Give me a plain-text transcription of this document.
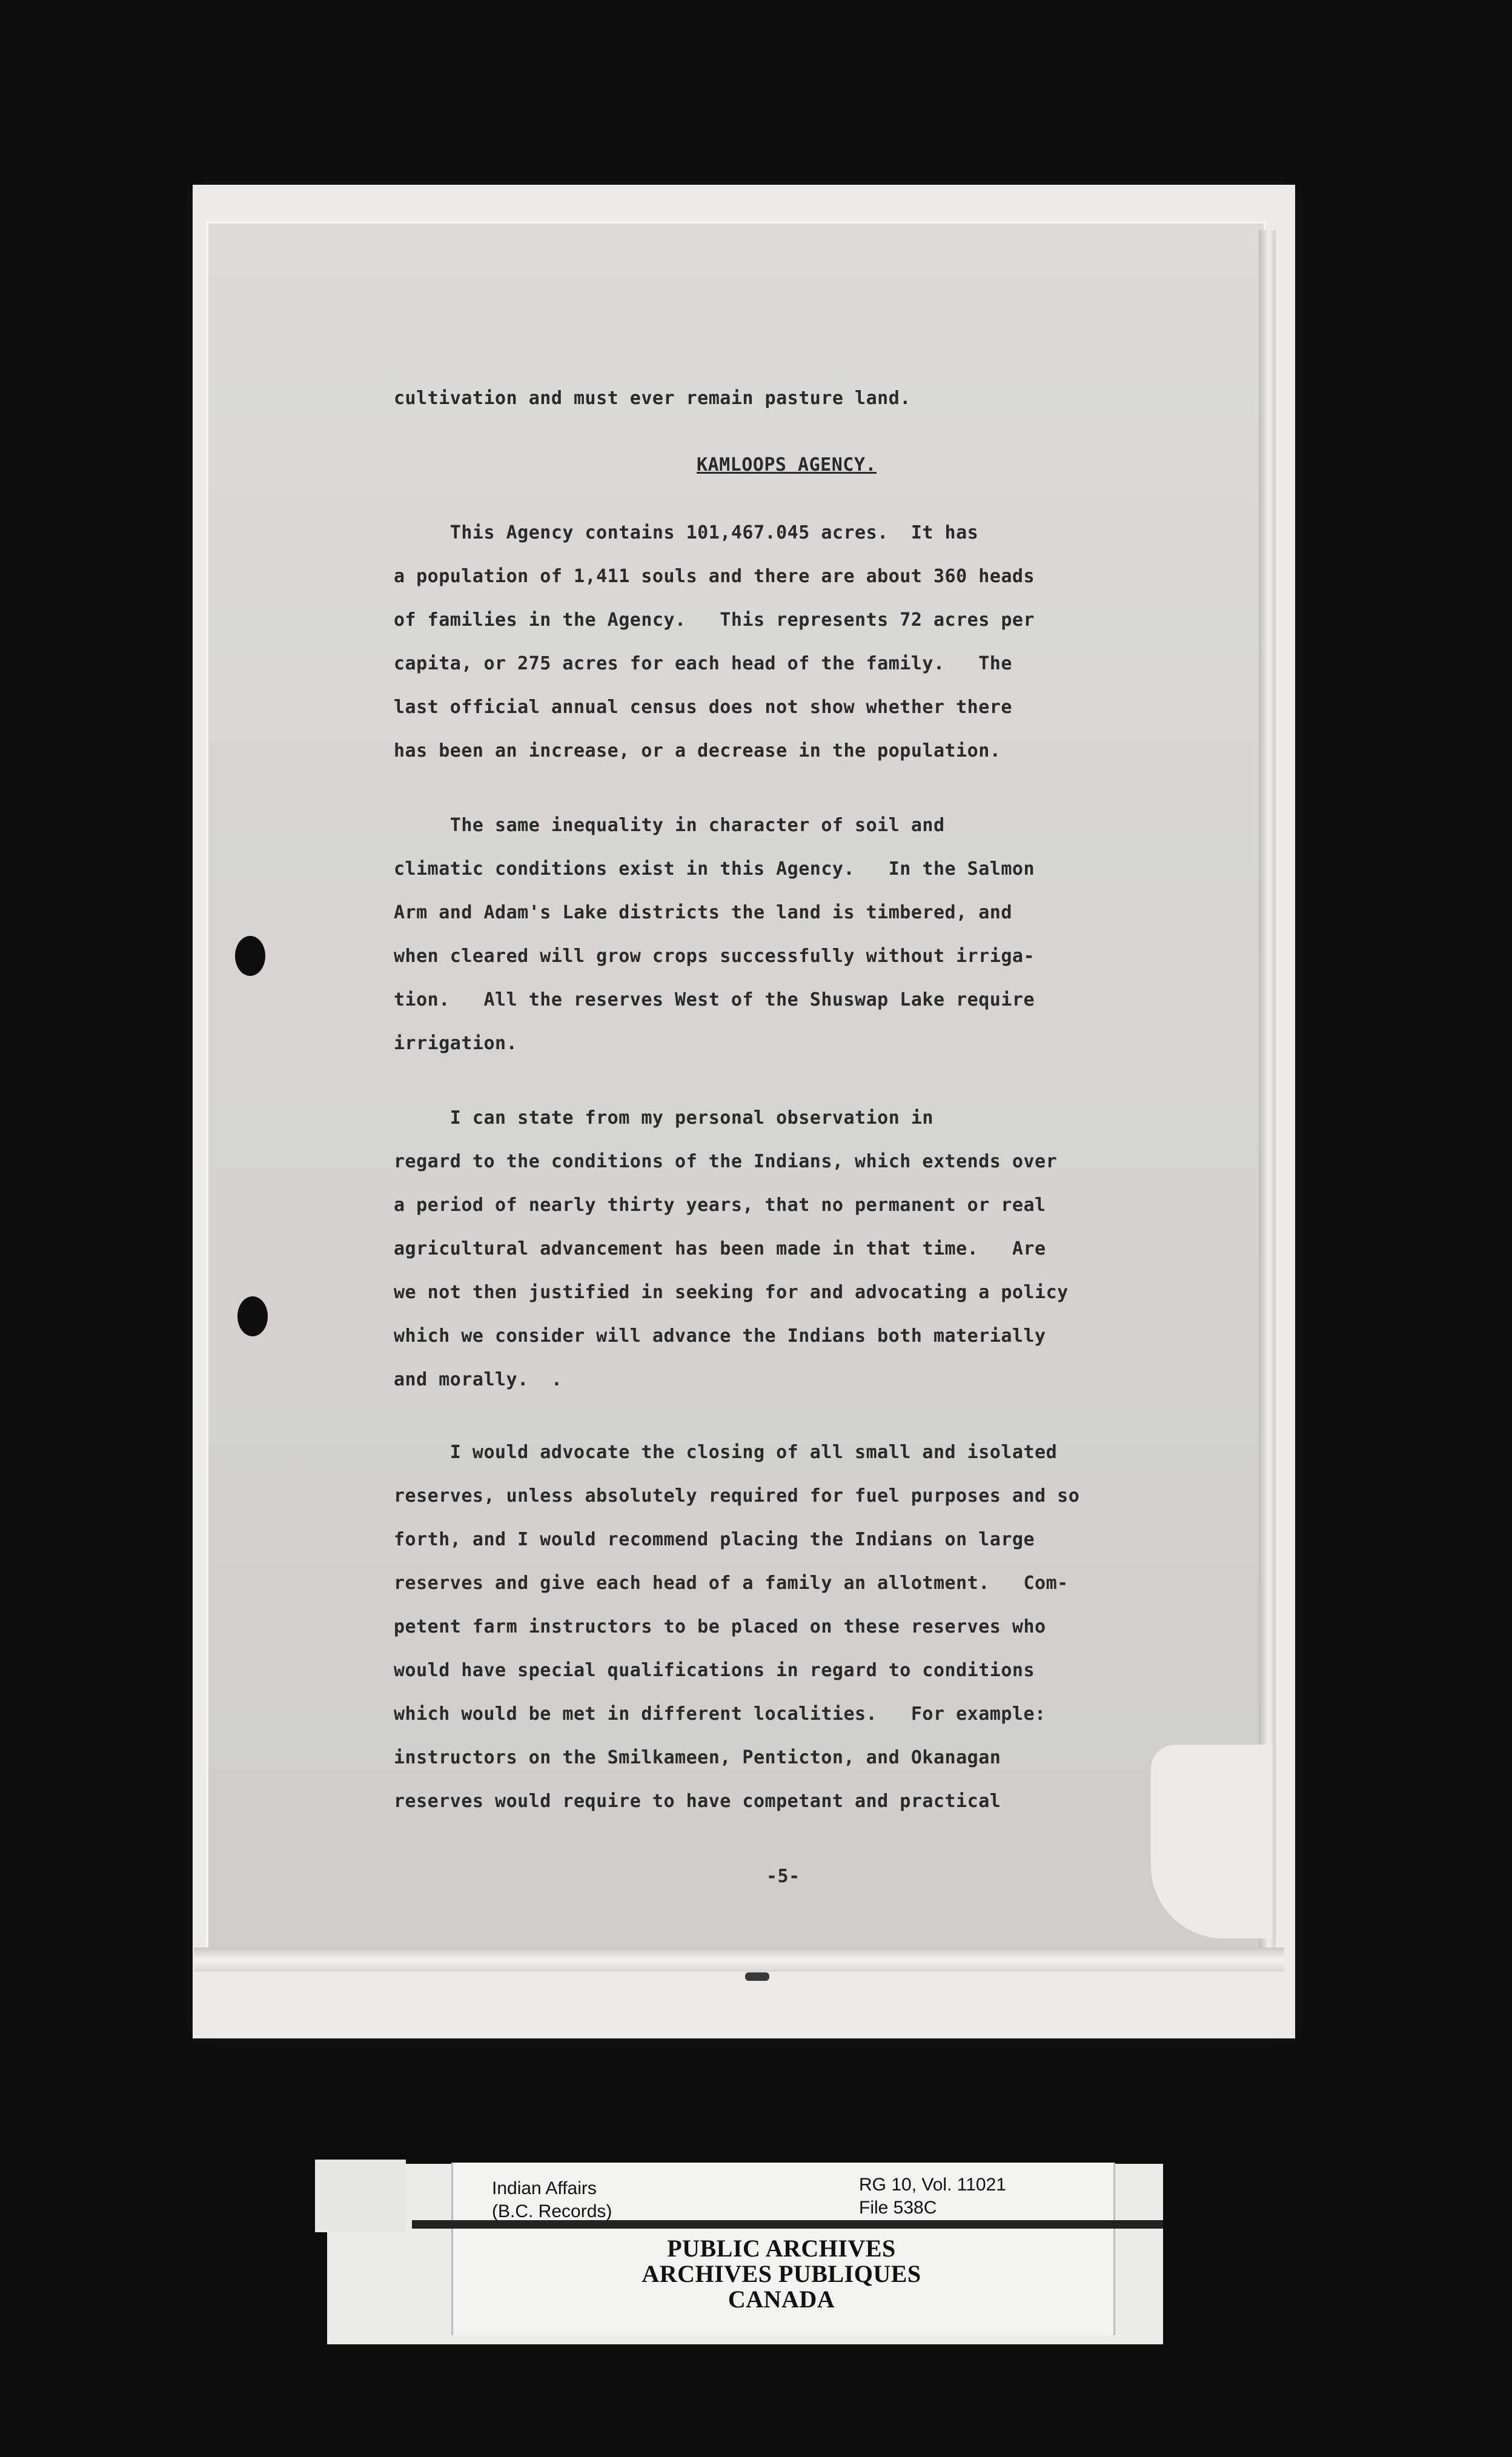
cultivation and must ever remain pasture land.
KAMLOOPS AGENCY.
This Agency contains 101,467.045 acres.  It has
a population of 1,411 souls and there are about 360 heads
of families in the Agency.   This represents 72 acres per
capita, or 275 acres for each head of the family.   The
last official annual census does not show whether there
has been an increase, or a decrease in the population.
The same inequality in character of soil and
climatic conditions exist in this Agency.   In the Salmon
Arm and Adam's Lake districts the land is timbered, and
when cleared will grow crops successfully without irriga-
tion.   All the reserves West of the Shuswap Lake require
irrigation.
I can state from my personal observation in
regard to the conditions of the Indians, which extends over
a period of nearly thirty years, that no permanent or real
agricultural advancement has been made in that time.   Are
we not then justified in seeking for and advocating a policy
which we consider will advance the Indians both materially
and morally.  .
I would advocate the closing of all small and isolated
reserves, unless absolutely required for fuel purposes and so
forth, and I would recommend placing the Indians on large
reserves and give each head of a family an allotment.   Com-
petent farm instructors to be placed on these reserves who
would have special qualifications in regard to conditions
which would be met in different localities.   For example:
instructors on the Smilkameen, Penticton, and Okanagan
reserves would require to have competant and practical
-5-
Indian Affairs
(B.C. Records)
RG 10, Vol. 11021
File 538C
PUBLIC ARCHIVES
ARCHIVES PUBLIQUES
CANADA
